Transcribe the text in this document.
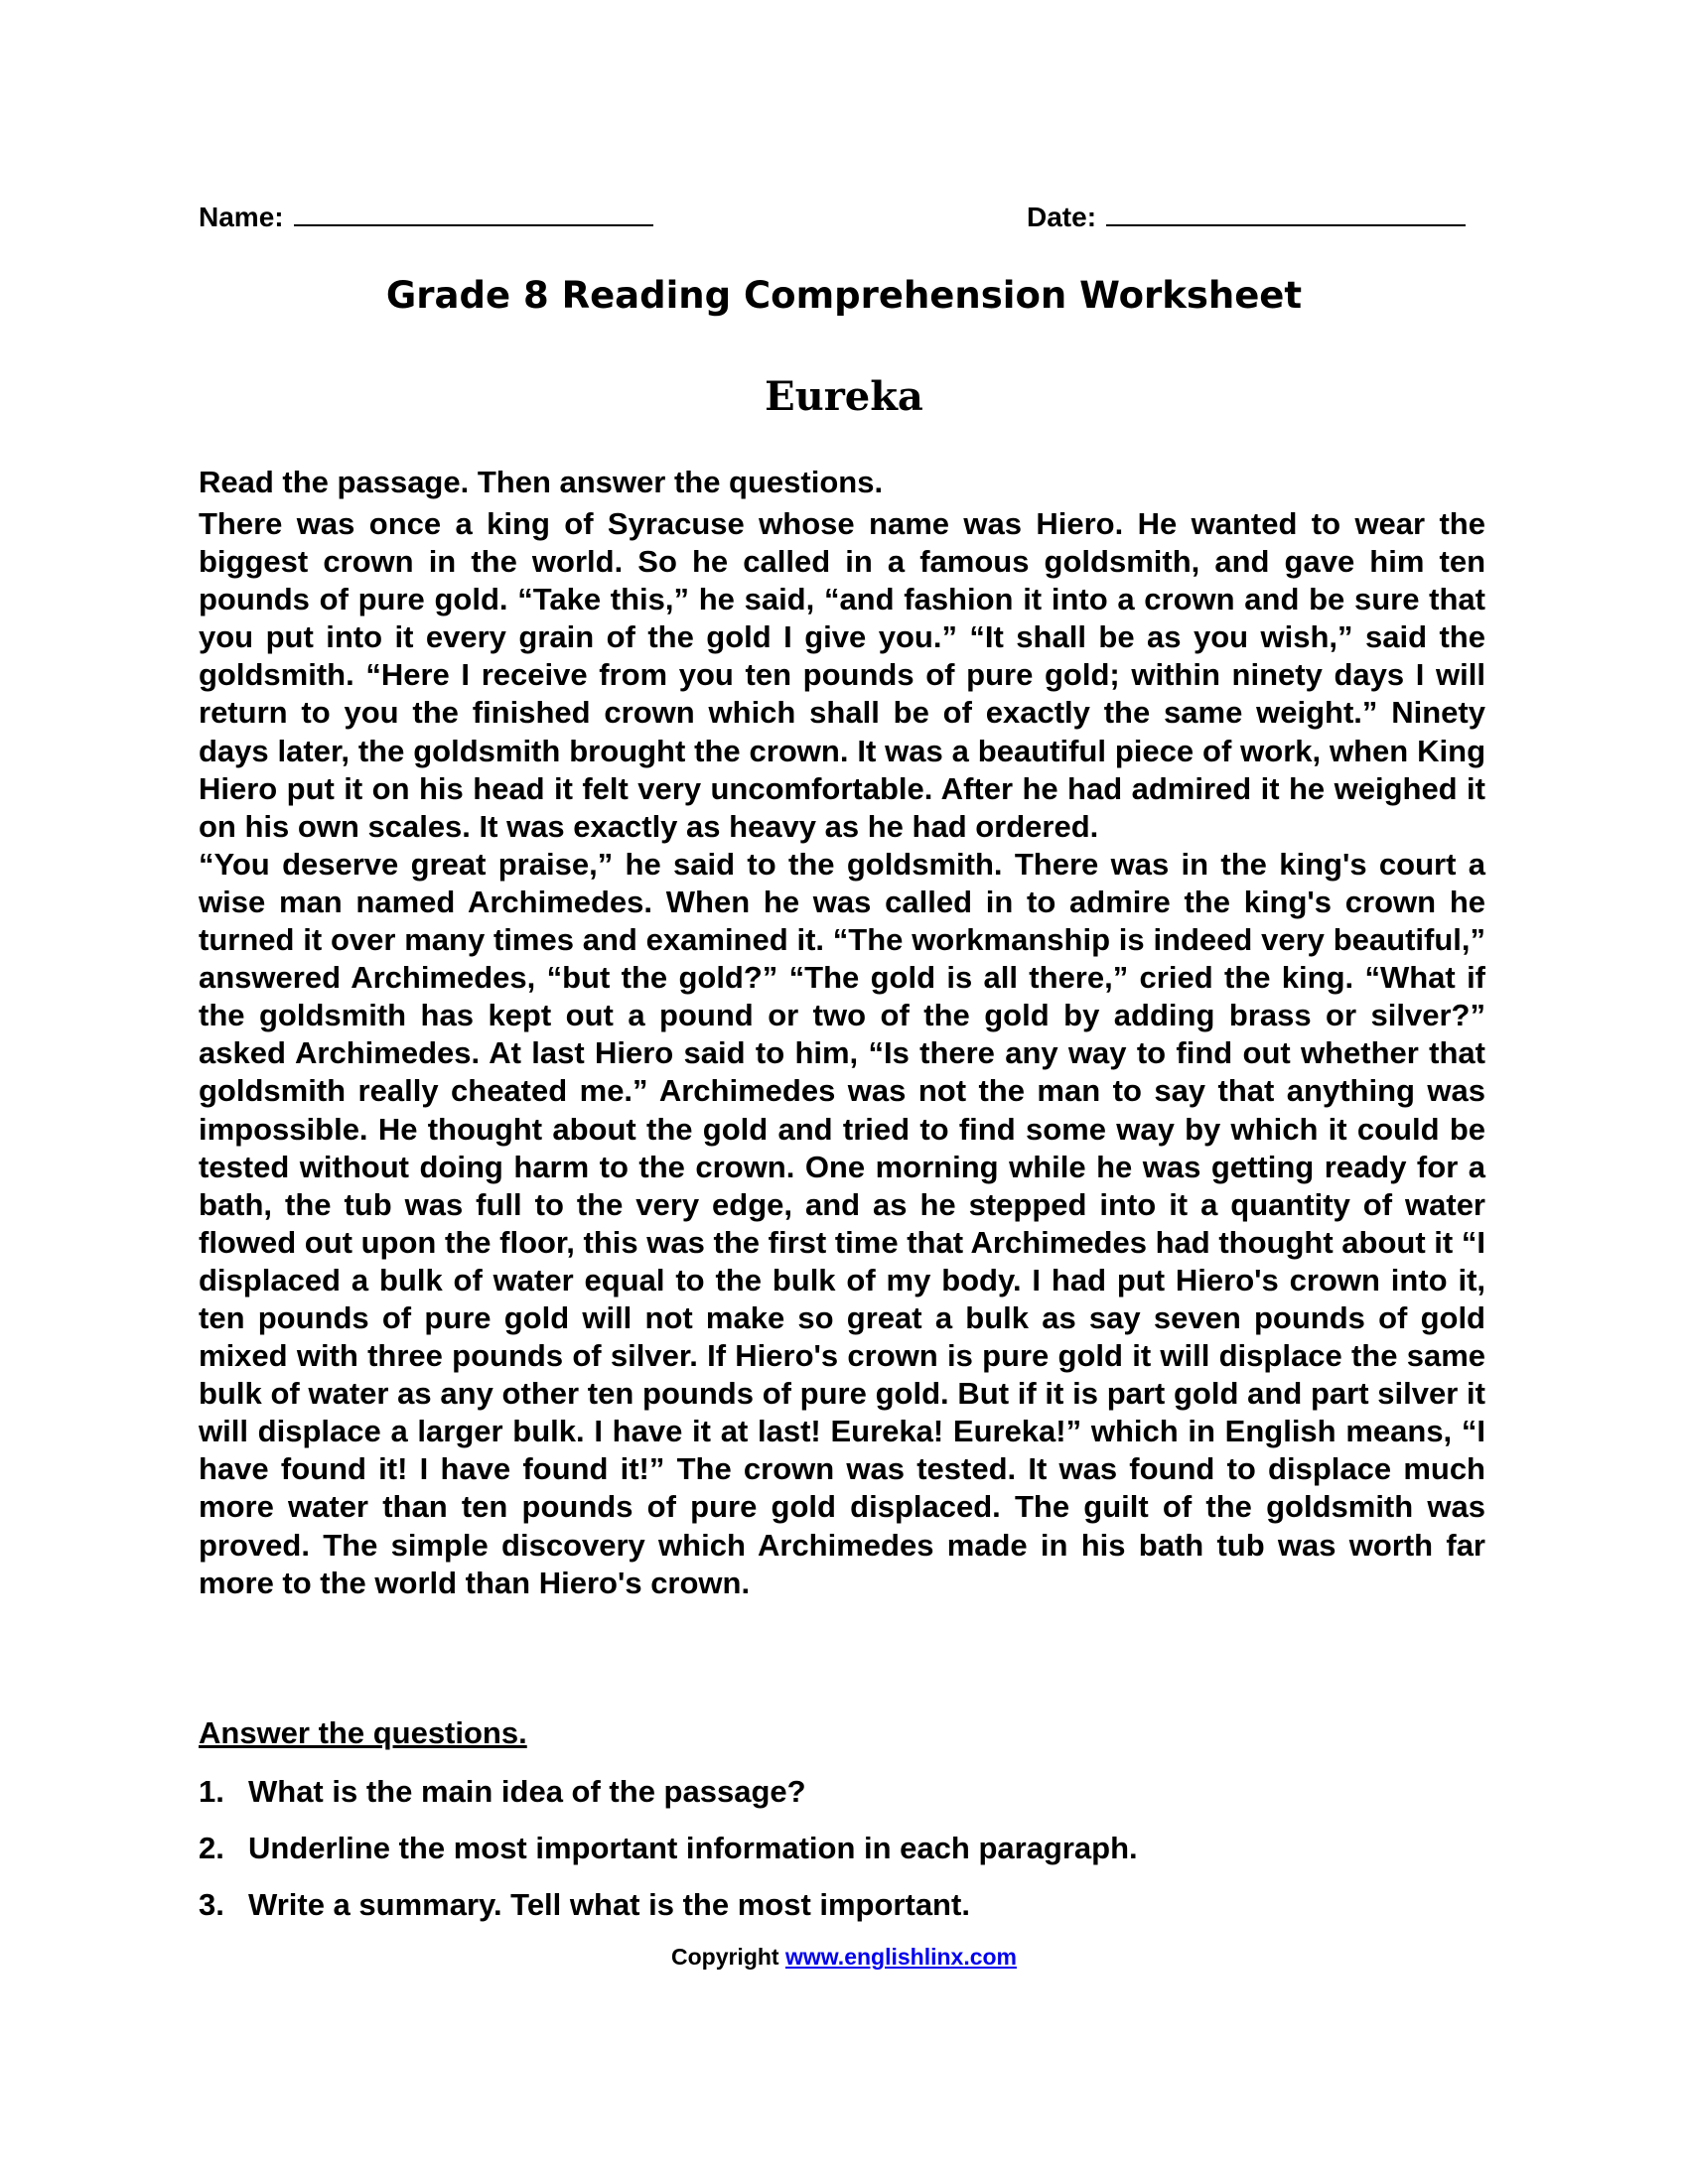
Name:	Date:
Grade 8 Reading Comprehension Worksheet
Eureka
Read the passage. Then answer the questions.

There was once a king of Syracuse whose name was Hiero. He wanted to wear the biggest crown in the world. So he called in a famous goldsmith, and gave him ten pounds of pure gold. “Take this,” he said, “and fashion it into a crown and be sure that you put into it every grain of the gold I give you.” “It shall be as you wish,” said the goldsmith. “Here I receive from you ten pounds of pure gold; within ninety days I will return to you the finished crown which shall be of exactly the same weight.” Ninety days later, the goldsmith brought the crown. It was a beautiful piece of work, when King Hiero put it on his head it felt very uncomfortable. After he had admired it he weighed it on his own scales. It was exactly as heavy as he had ordered.

“You deserve great praise,” he said to the goldsmith. There was in the king's court a wise man named Archimedes. When he was called in to admire the king's crown he turned it over many times and examined it. “The workmanship is indeed very beautiful,” answered Archimedes, “but the gold?” “The gold is all there,” cried the king. “What if the goldsmith has kept out a pound or two of the gold by adding brass or silver?” asked Archimedes. At last Hiero said to him, “Is there any way to find out whether that goldsmith really cheated me.” Archimedes was not the man to say that anything was impossible. He thought about the gold and tried to find some way by which it could be tested without doing harm to the crown. One morning while he was getting ready for a bath, the tub was full to the very edge, and as he stepped into it a quantity of water flowed out upon the floor, this was the first time that Archimedes had thought about it “I displaced a bulk of water equal to the bulk of my body. I had put Hiero's crown into it, ten pounds of pure gold will not make so great a bulk as say seven pounds of gold mixed with three pounds of silver. If Hiero's crown is pure gold it will displace the same bulk of water as any other ten pounds of pure gold. But if it is part gold and part silver it will displace a larger bulk. I have it at last! Eureka! Eureka!” which in English means, “I have found it! I have found it!” The crown was tested. It was found to displace much more water than ten pounds of pure gold displaced. The guilt of the goldsmith was proved. The simple discovery which Archimedes made in his bath tub was worth far more to the world than Hiero's crown.

Answer the questions.
1. What is the main idea of the passage?
2. Underline the most important information in each paragraph.
3. Write a summary. Tell what is the most important.
Copyright www.englishlinx.com
